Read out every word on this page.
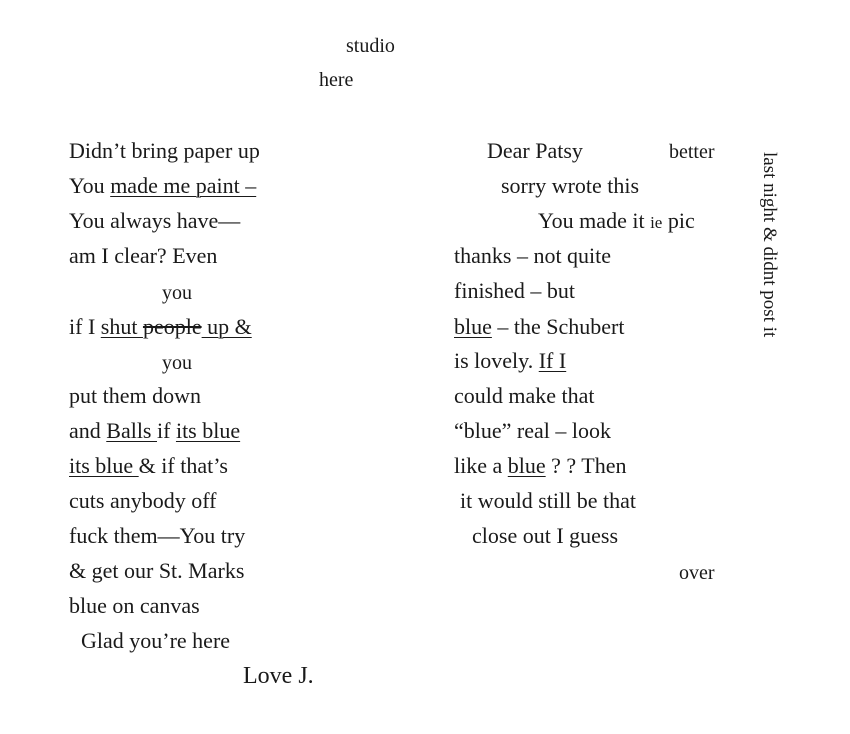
studio
here
Didn’t bring paper up
You made me paint –
You always have—
am I clear? Even
you
if I shut people up &
you
put them down
and Balls if its blue
its blue & if that’s
cuts anybody off
fuck them—You try
& get our St. Marks
blue on canvas
Glad you’re here
Love J.
Dear Patsy	better
sorry wrote this
You made it ie pic
thanks – not quite
finished – but
blue – the Schubert
is lovely. If I
could make that
“blue” real – look
like a blue ? ? Then
it would still be that
close out I guess
over
last night & didnt post it
